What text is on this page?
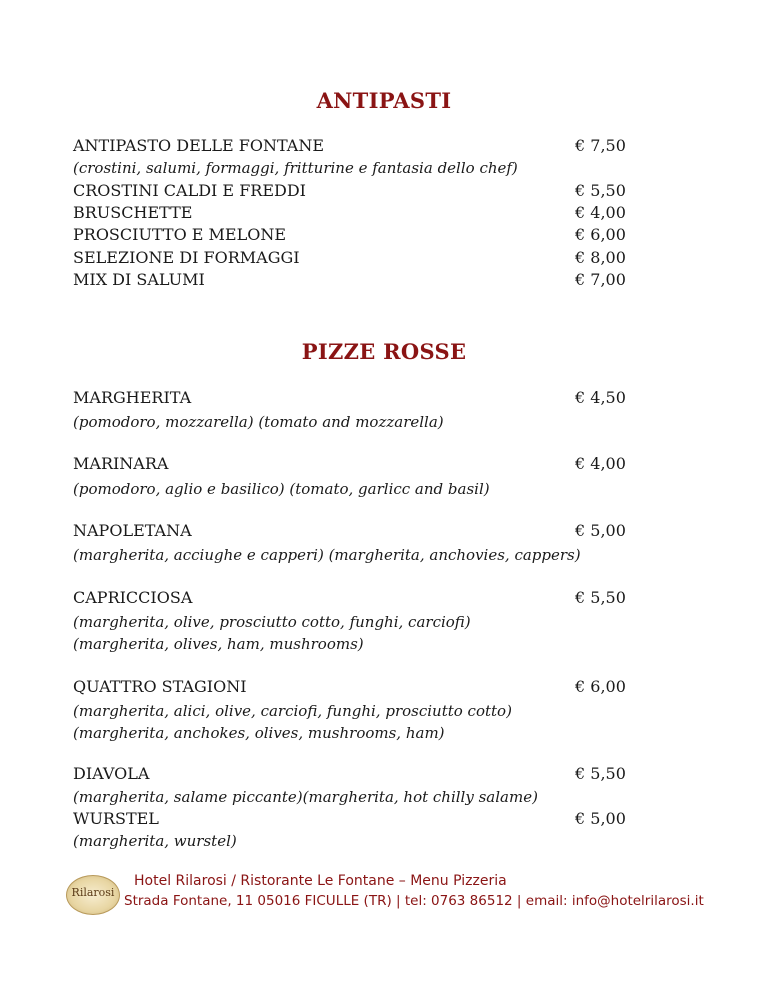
ANTIPASTI
ANTIPASTO DELLE FONTANE	€ 7,50
(crostini, salumi, formaggi, fritturine e fantasia dello chef)
CROSTINI CALDI E FREDDI	€ 5,50
BRUSCHETTE	€ 4,00
PROSCIUTTO E MELONE	€ 6,00
SELEZIONE DI FORMAGGI	€ 8,00
MIX DI SALUMI	€ 7,00
PIZZE ROSSE
MARGHERITA	€ 4,50
(pomodoro, mozzarella) (tomato and mozzarella)
MARINARA	€ 4,00
(pomodoro, aglio e basilico) (tomato, garlicc and basil)
NAPOLETANA	€ 5,00
(margherita, acciughe e capperi) (margherita, anchovies, cappers)
CAPRICCIOSA	€ 5,50
(margherita, olive, prosciutto cotto, funghi, carciofi)
(margherita, olives, ham, mushrooms)
QUATTRO STAGIONI	€ 6,00
(margherita, alici, olive, carciofi, funghi, prosciutto cotto)
(margherita, anchokes, olives, mushrooms, ham)
DIAVOLA	€ 5,50
(margherita, salame piccante)(margherita, hot chilly salame)
WURSTEL	€ 5,00
(margherita, wurstel)
Rilarosi
Hotel Rilarosi / Ristorante Le Fontane – Menu Pizzeria
Strada Fontane, 11 05016 FICULLE (TR) | tel: 0763 86512 | email: info@hotelrilarosi.it
